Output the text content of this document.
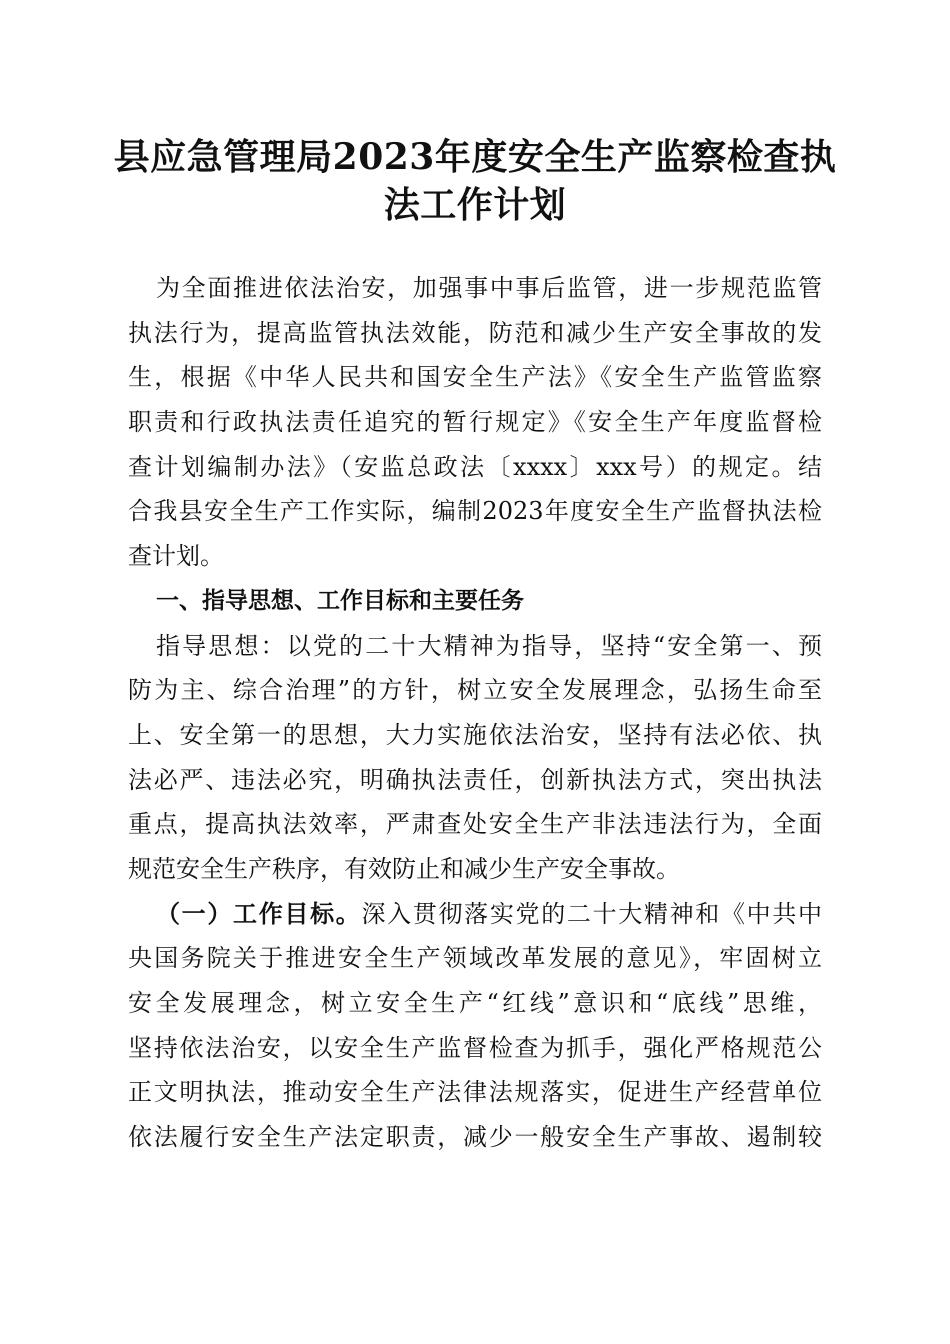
县应急管理局2023年度安全生产监察检查执
法工作计划
为全面推进依法治安，加强事中事后监管，进一步规范监管
执法行为，提高监管执法效能，防范和减少生产安全事故的发
生，根据《中华人民共和国安全生产法》《安全生产监管监察
职责和行政执法责任追究的暂行规定》《安全生产年度监督检
查计划编制办法》（安监总政法〔xxxx〕xxx号）的规定。结
合我县安全生产工作实际，编制2023年度安全生产监督执法检
查计划。
一、指导思想、工作目标和主要任务
指导思想：以党的二十大精神为指导，坚持“安全第一、预
防为主、综合治理”的方针，树立安全发展理念，弘扬生命至
上、安全第一的思想，大力实施依法治安，坚持有法必依、执
法必严、违法必究，明确执法责任，创新执法方式，突出执法
重点，提高执法效率，严肃查处安全生产非法违法行为，全面
规范安全生产秩序，有效防止和减少生产安全事故。
（一）工作目标。深入贯彻落实党的二十大精神和《中共中
央国务院关于推进安全生产领域改革发展的意见》，牢固树立
安全发展理念，树立安全生产“红线”意识和“底线”思维，
坚持依法治安，以安全生产监督检查为抓手，强化严格规范公
正文明执法，推动安全生产法律法规落实，促进生产经营单位
依法履行安全生产法定职责，减少一般安全生产事故、遏制较
